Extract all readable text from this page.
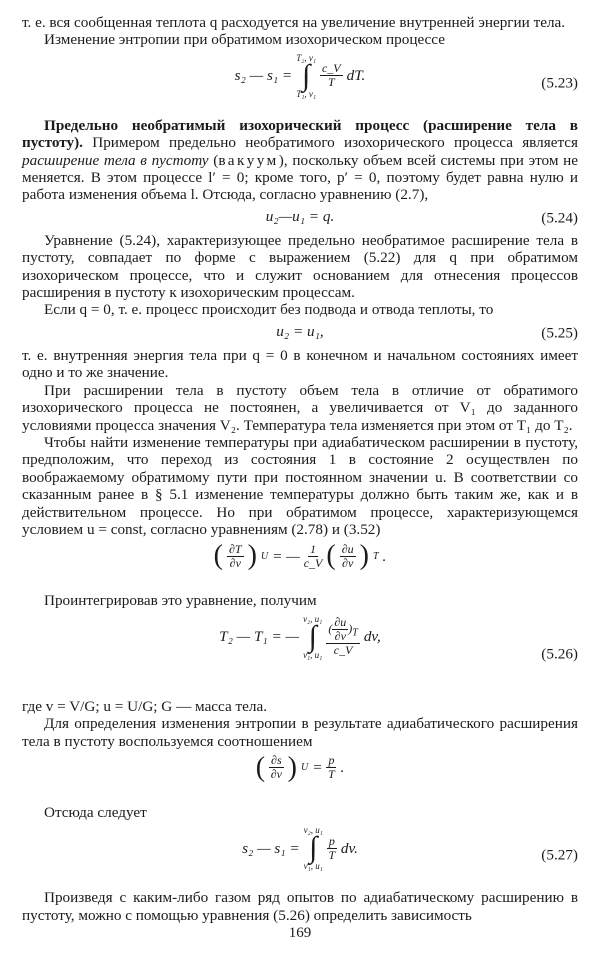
т. е. вся сообщенная теплота q расходуется на увеличение внутренней энергии тела.

Изменение энтропии при обратимом изохорическом процессе

s₂ — s₁ =
T₂, v₁
∫
T₁, v₁
$\frac{c\_V}{T}$ dT.	(5.23)

Предельно необратимый изохорический процесс (расширение тела в пустоту). Примером предельно необратимого изохорического процесса является расширение тела в пустоту (вакуум), поскольку объем всей системы при этом не меняется. В этом процессе l′ = 0; кроме того, p′ = 0, поэтому будет равна нулю и работа изменения объема l. Отсюда, согласно уравнению (2.7),

u₂—u₁ = q.	(5.24)

Уравнение (5.24), характеризующее предельно необратимое расширение тела в пустоту, совпадает по форме с выражением (5.22) для q при обратимом изохорическом процессе, что и служит основанием для отнесения процессов расширения в пустоту к изохорическим процессам.

Если q = 0, т. е. процесс происходит без подвода и отвода теплоты, то

u₂ = u₁,	(5.25)

т. е. внутренняя энергия тела при q = 0 в конечном и начальном состояниях имеет одно и то же значение.

При расширении тела в пустоту объем тела в отличие от обратимого изохорического процесса не постоянен, а увеличивается от V₁ до заданного условиями процесса значения V₂. Температура тела изменяется при этом от T₁ до T₂.

Чтобы найти изменение температуры при адиабатическом расширении в пустоту, предположим, что переход из состояния 1 в состояние 2 осуществлен по воображаемому обратимому пути при постоянном значении u. В соответствии со сказанным ранее в § 5.1 изменение температуры должно быть таким же, как и в действительном процессе. Но при обратимом процессе, характеризующемся условием u = const, согласно уравнениям (2.78) и (3.52)

( $\frac{\partial T}{\partial v}$ ) U = — $\frac{1}{c\_V}$ ( $\frac{\partial u}{\partial v}$ ) T .

Проинтегрировав это уравнение, получим

T₂ — T₁ = —
v₂, u₁
∫
v₁, $u_1 \frac{( \frac{\partial u}{\partial v} )_T}{c\_V}$ dv,
(5.26)

где v = V/G; u = U/G; G — масса тела.

Для определения изменения энтропии в результате адиабатического расширения тела в пустоту воспользуемся соотношением

( $\frac{\partial s}{\partial v}$ ) $U = \frac{p}{T}$ .

Отсюда следует

s₂ — s₁ =
v₂, u₁
∫
v₁, u₁
$\frac{p}{T}$ dv.	(5.27)

Произведя с каким-либо газом ряд опытов по адиабатическому расширению в пустоту, можно с помощью уравнения (5.26) определить зависимость

169
